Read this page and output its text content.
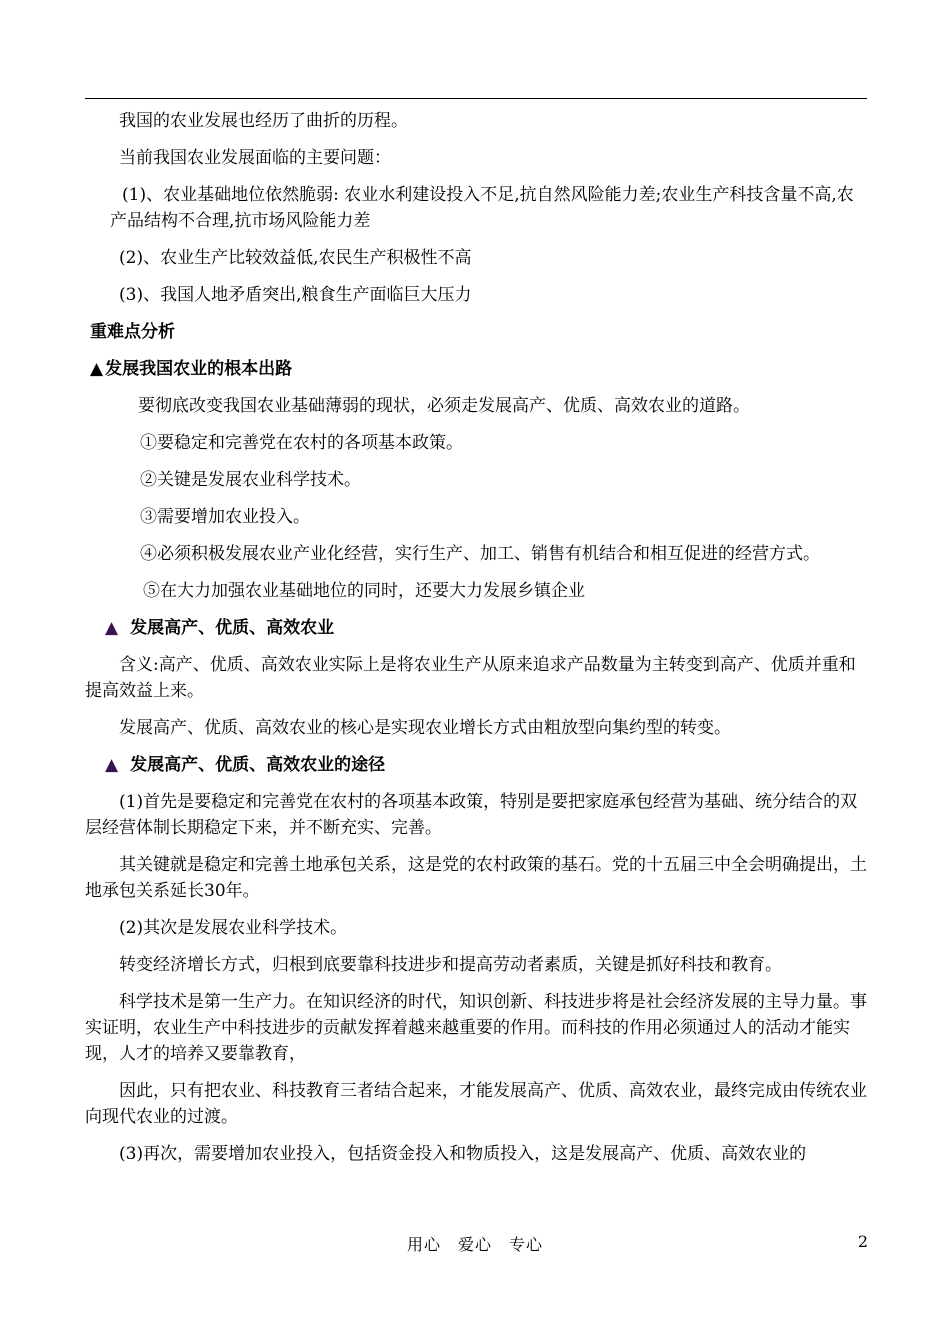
我国的农业发展也经历了曲折的历程。

当前我国农业发展面临的主要问题：

(1)、农业基础地位依然脆弱: 农业水利建设投入不足,抗自然风险能力差;农业生产科技含量不高,农产品结构不合理,抗市场风险能力差

(2)、农业生产比较效益低,农民生产积极性不高

(3)、我国人地矛盾突出,粮食生产面临巨大压力

重难点分析

▲ 发展我国农业的根本出路

要彻底改变我国农业基础薄弱的现状，必须走发展高产、优质、高效农业的道路。

①要稳定和完善党在农村的各项基本政策。

②关键是发展农业科学技术。

③需要增加农业投入。

④必须积极发展农业产业化经营，实行生产、加工、销售有机结合和相互促进的经营方式。

⑤在大力加强农业基础地位的同时，还要大力发展乡镇企业

▲ 发展高产、优质、高效农业

含义:高产、优质、高效农业实际上是将农业生产从原来追求产品数量为主转变到高产、优质并重和提高效益上来。

发展高产、优质、高效农业的核心是实现农业增长方式由粗放型向集约型的转变。

▲ 发展高产、优质、高效农业的途径

(1)首先是要稳定和完善党在农村的各项基本政策，特别是要把家庭承包经营为基础、统分结合的双层经营体制长期稳定下来，并不断充实、完善。

其关键就是稳定和完善土地承包关系，这是党的农村政策的基石。党的十五届三中全会明确提出，土地承包关系延长30年。

(2)其次是发展农业科学技术。

转变经济增长方式，归根到底要靠科技进步和提高劳动者素质，关键是抓好科技和教育。

科学技术是第一生产力。在知识经济的时代，知识创新、科技进步将是社会经济发展的主导力量。事实证明，农业生产中科技进步的贡献发挥着越来越重要的作用。而科技的作用必须通过人的活动才能实现，人才的培养又要靠教育，

因此，只有把农业、科技教育三者结合起来，才能发展高产、优质、高效农业，最终完成由传统农业向现代农业的过渡。

(3)再次，需要增加农业投入，包括资金投入和物质投入，这是发展高产、优质、高效农业的

用心　爱心　专心	2
